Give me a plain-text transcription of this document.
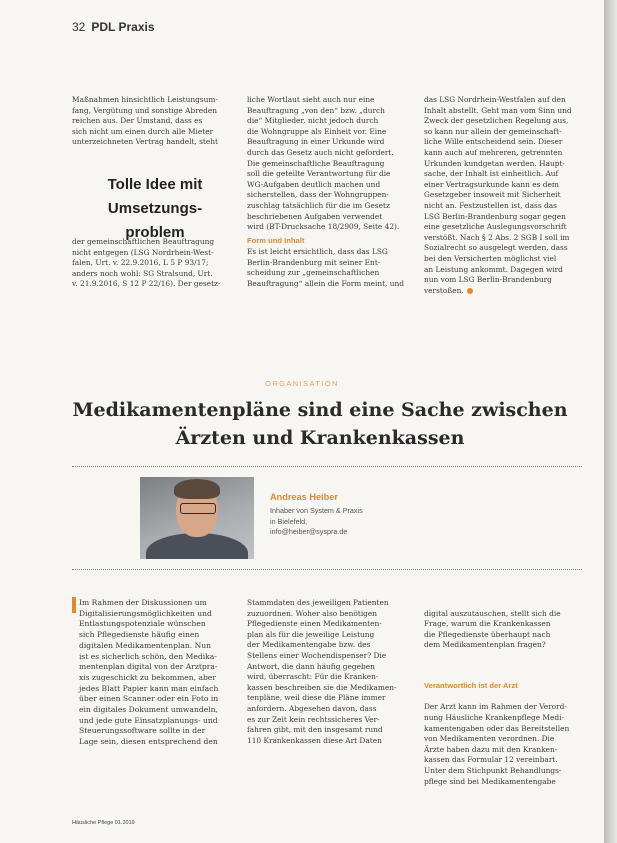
32 PDL Praxis
Maßnahmen hinsichtlich Leistungsum-
fang, Vergütung und sonstige Abreden
reichen aus. Der Umstand, dass es
sich nicht um einen durch alle Mieter
unterzeichneten Vertrag handelt, steht
Tolle Idee mit Umsetzungs-problem
der gemeinschaftlichen Beauftragung
nicht entgegen (LSG Nordrhein-West-
falen, Urt. v. 22.9.2016, L 5 P 93/17;
anders noch wohl: SG Stralsund, Urt.
v. 21.9.2016, S 12 P 22/16). Der gesetz-
liche Wortlaut sieht auch nur eine
Beauftragung „von den“ bzw. „durch
die“ Mitglieder, nicht jedoch durch
die Wohngruppe als Einheit vor. Eine
Beauftragung in einer Urkunde wird
durch das Gesetz auch nicht gefordert.
Die gemeinschaftliche Beauftragung
soll die geteilte Verantwortung für die
WG-Aufgaben deutlich machen und
sicherstellen, dass der Wohngruppen-
zuschlag tatsächlich für die im Gesetz
beschriebenen Aufgaben verwendet
wird (BT-Drucksache 18/2909, Seite 42).
Form und Inhalt
Es ist leicht ersichtlich, dass das LSG
Berlin-Brandenburg mit seiner Ent-
scheidung zur „gemeinschaftlichen
Beauftragung“ allein die Form meint, und
das LSG Nordrhein-Westfalen auf den
Inhalt abstellt. Geht man vom Sinn und
Zweck der gesetzlichen Regelung aus,
so kann nur allein der gemeinschaft-
liche Wille entscheidend sein. Dieser
kann auch auf mehreren, getrennten
Urkunden kundgetan werden. Haupt-
sache, der Inhalt ist einheitlich. Auf
einer Vertragsurkunde kann es dem
Gesetzgeber insoweit mit Sicherheit
nicht an. Festzustellen ist, dass das
LSG Berlin-Brandenburg sogar gegen
eine gesetzliche Auslegungsvorschrift
verstößt. Nach § 2 Abs. 2 SGB I soll im
Sozialrecht so ausgelegt werden, dass
bei den Versicherten möglichst viel
an Leistung ankommt. Dagegen wird
nun vom LSG Berlin-Brandenburg
verstoßen.
ORGANISATION
Medikamentenpläne sind eine Sache zwischen
Ärzten und Krankenkassen
Andreas Heiber
Inhaber von System & Praxis
in Bielefeld,
info@heiber@syspra.de
Im Rahmen der Diskussionen um
Digitalisierungsmöglichkeiten und
Entlastungspotenziale wünschen
sich Pflegedienste häufig einen
digitalen Medikamentenplan. Nun
ist es sicherlich schön, den Medika-
mentenplan digital von der Arztpra-
xis zugeschickt zu bekommen, aber
jedes Blatt Papier kann man einfach
über einen Scanner oder ein Foto in
ein digitales Dokument umwandeln,
und jede gute Einsatzplanungs- und
Steuerungssoftware sollte in der
Lage sein, diesen entsprechend den
Stammdaten des jeweiligen Patienten
zuzuordnen. Woher also benötigen
Pflegedienste einen Medikamenten-
plan als für die jeweilige Leistung
der Medikamentengabe bzw. des
Stellens einer Wochendispenser? Die
Antwort, die dann häufig gegeben
wird, überrascht: Für die Kranken-
kassen beschreiben sie die Medikamen-
tenpläne, weil diese die Pläne immer
anfordern. Abgesehen davon, dass
es zur Zeit kein rechtssicheres Ver-
fahren gibt, mit den insgesamt rund
110 Krankenkassen diese Art Daten

digital auszutauschen, stellt sich die
Frage, warum die Krankenkassen
die Pflegedienste überhaupt nach
dem Medikamentenplan fragen?

Verantwortlich ist der Arzt

Der Arzt kann im Rahmen der Verord-
nung Häusliche Krankenpflege Medi-
kamentengaben oder das Bereitstellen
von Medikamenten verordnen. Die
Ärzte haben dazu mit den Kranken-
kassen das Formular 12 vereinbart.
Unter dem Stichpunkt Behandlungs-
pflege sind bei Medikamentengabe

Häusliche Pflege 01.2019
